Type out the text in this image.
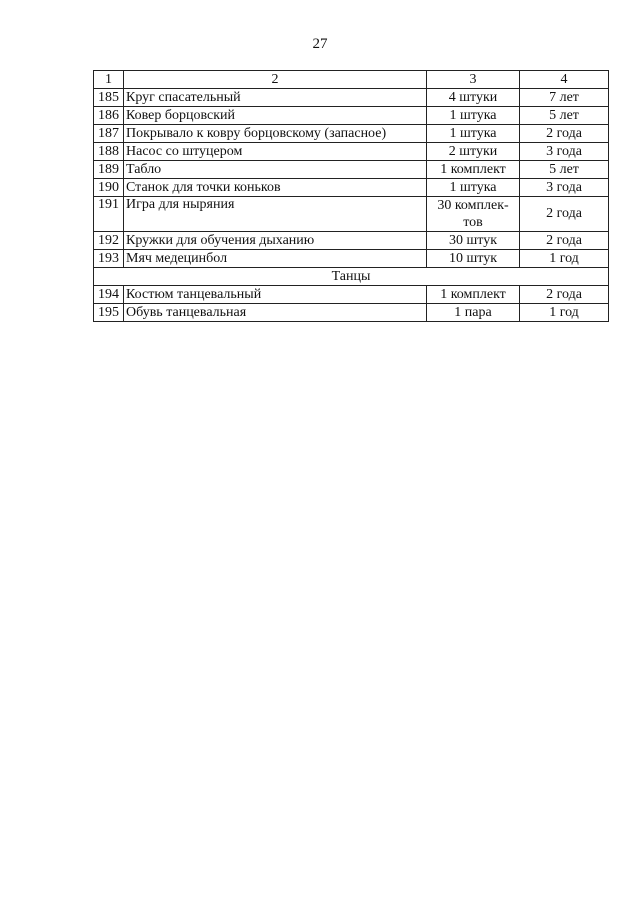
27
1	2	3	4
185	Круг спасательный	4 штуки	7 лет
186	Ковер борцовский	1 штука	5 лет
187	Покрывало к ковру борцовскому (запасное)	1 штука	2 года
188	Насос со штуцером	2 штуки	3 года
189	Табло	1 комплект	5 лет
190	Станок для точки коньков	1 штука	3 года
191	Игра для ныряния	30 комплек-тов	2 года
192	Кружки для обучения дыханию	30 штук	2 года
193	Мяч медецинбол	10 штук	1 год
Танцы			
194	Костюм танцевальный	1 комплект	2 года
195	Обувь танцевальная	1 пара	1 год
